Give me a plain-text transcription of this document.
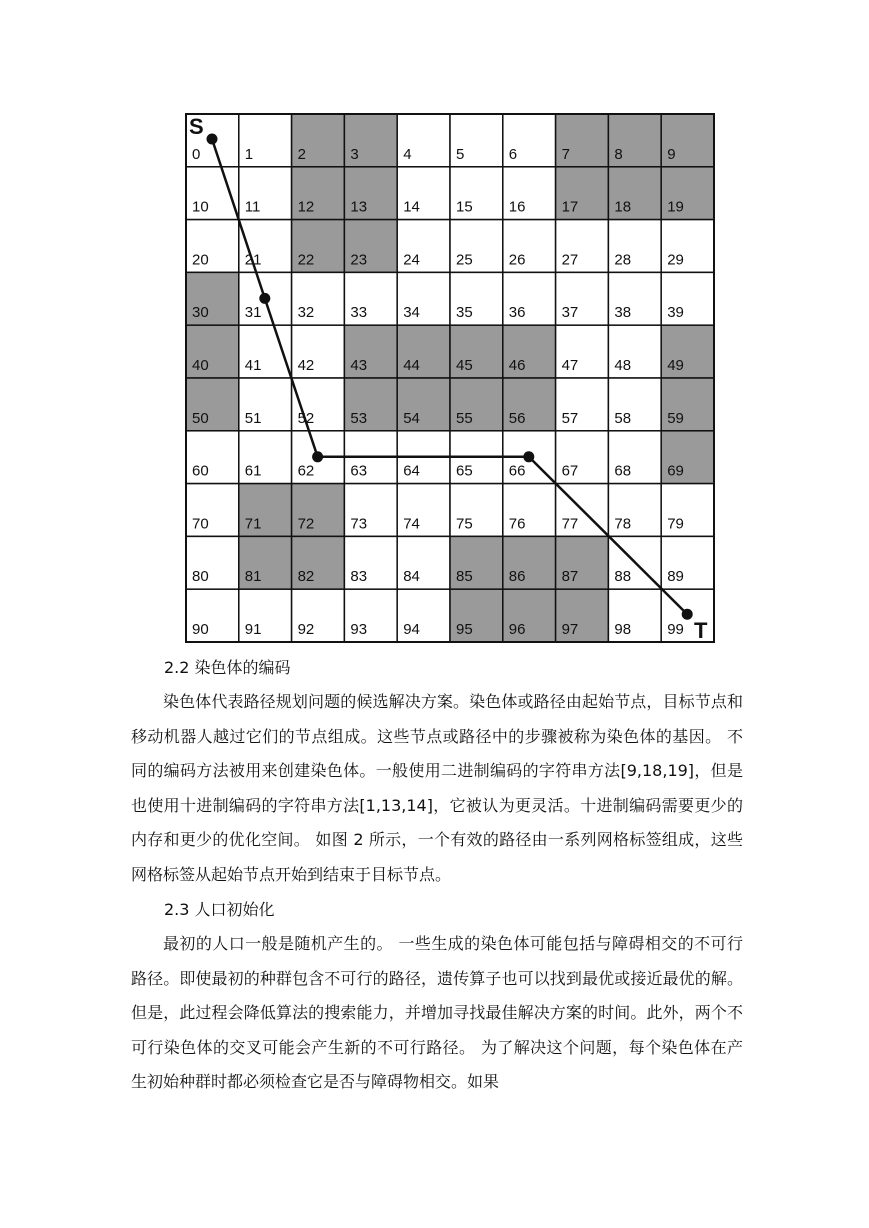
0	1	2	3	4	5	6	7	8	9
10 11 12 13 14 15 16 17 18 19
20 21 22 23 24 25 26 27 28 29
30 31 32 33 34 35 36 37 38 39
40 41 42 43 44 45 46 47 48 49
50 51 52 53 54 55 56 57 58 59
60 61 62 63 64 65 66 67 68 69
70 71 72 73 74 75 76 77 78 79
80 81 82 83 84 85 86 87 88 89
90 91 92 93 94 95 96 97 98 99
S
T
2.2 染色体的编码

染色体代表路径规划问题的候选解决方案。染色体或路径由起始节点，目标节点和移动机器人越过它们的节点组成。这些节点或路径中的步骤被称为染色体的基因。 不同的编码方法被用来创建染色体。一般使用二进制编码的字符串方法[9,18,19]，但是也使用十进制编码的字符串方法[1,13,14]，它被认为更灵活。十进制编码需要更少的内存和更少的优化空间。 如图 2 所示，一个有效的路径由一系列网格标签组成，这些网格标签从起始节点开始到结束于目标节点。

2.3 人口初始化

最初的人口一般是随机产生的。 一些生成的染色体可能包括与障碍相交的不可行路径。即使最初的种群包含不可行的路径，遗传算子也可以找到最优或接近最优的解。但是，此过程会降低算法的搜索能力，并增加寻找最佳解决方案的时间。此外，两个不可行染色体的交叉可能会产生新的不可行路径。 为了解决这个问题，每个染色体在产生初始种群时都必须检查它是否与障碍物相交。如果
